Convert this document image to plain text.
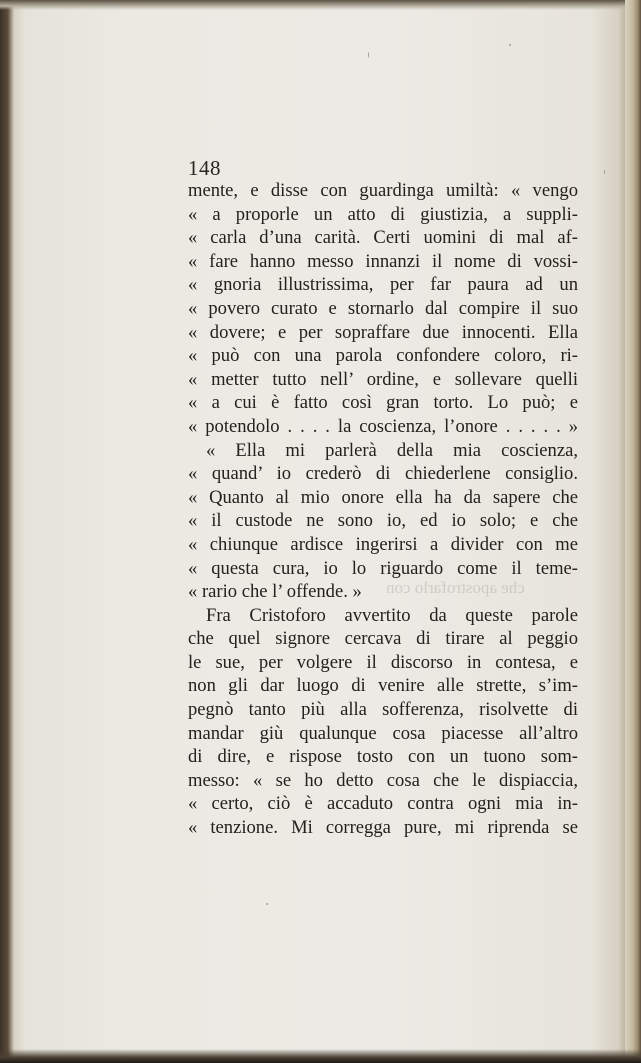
che apostrofarlo con
148
mente, e disse con guardinga umiltà: « vengo
« a proporle un atto di giustizia, a suppli-
« carla d’una carità. Certi uomini di mal af-
« fare hanno messo innanzi il nome di vossi-
« gnoria illustrissima, per far paura ad un
« povero curato e stornarlo dal compire il suo
« dovere; e per sopraffare due innocenti. Ella
« può con una parola confondere coloro, ri-
« metter tutto nell’ ordine, e sollevare quelli
« a cui è fatto così gran torto. Lo può; e
« potendolo . . . . la coscienza, l’onore . . . . . »
« Ella mi parlerà della mia coscienza,
« quand’ io crederò di chiederlene consiglio.
« Quanto al mio onore ella ha da sapere che
« il custode ne sono io, ed io solo; e che
« chiunque ardisce ingerirsi a divider con me
« questa cura, io lo riguardo come il teme-
« rario che l’ offende. »
Fra Cristoforo avvertito da queste parole
che quel signore cercava di tirare al peggio
le sue, per volgere il discorso in contesa, e
non gli dar luogo di venire alle strette, s’im-
pegnò tanto più alla sofferenza, risolvette di
mandar giù qualunque cosa piacesse all’altro
di dire, e rispose tosto con un tuono som-
messo: « se ho detto cosa che le dispiaccia,
« certo, ciò è accaduto contra ogni mia in-
« tenzione. Mi corregga pure, mi riprenda se
